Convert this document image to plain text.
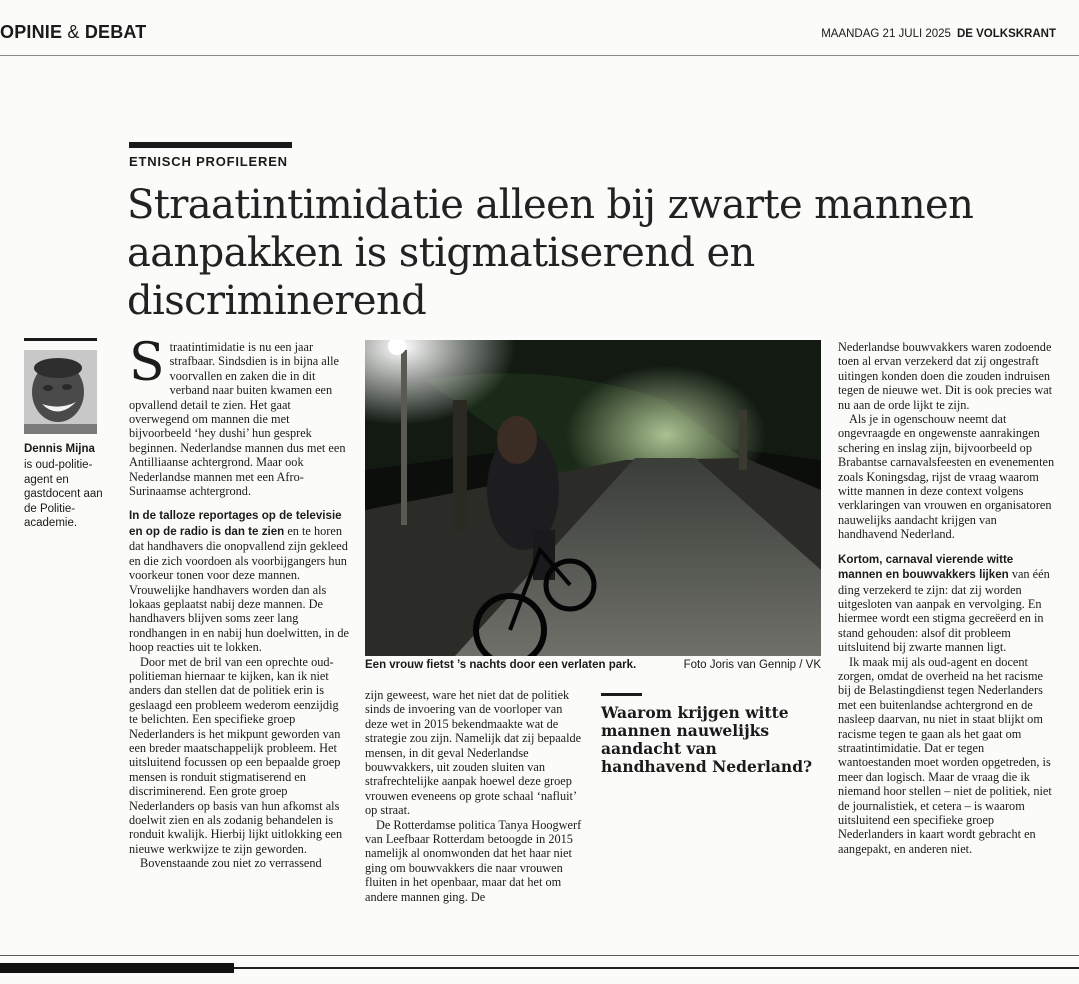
OPINIE & DEBAT	MAANDAG 21 JULI 2025 DE VOLKSKRANT
ETNISCH PROFILEREN
Straatintimidatie alleen bij zwarte mannen aanpakken is stigmatiserend en discriminerend
Dennis Mijna
is oud-politie-agent en gastdocent aan de Politie-academie.

Straatintimidatie is nu een jaar strafbaar. Sindsdien is in bijna alle voorvallen en zaken die in dit verband naar buiten kwamen een opvallend detail te zien. Het gaat overwegend om mannen die met bijvoorbeeld ‘hey dushi’ hun gesprek beginnen. Nederlandse mannen dus met een Antilliaanse achtergrond. Maar ook Nederlandse mannen met een Afro-Surinaamse achtergrond.

In de talloze reportages op de televisie en op de radio is dan te zien en te horen dat handhavers die onopvallend zijn gekleed en die zich voordoen als voorbijgangers hun voorkeur tonen voor deze mannen. Vrouwelijke handhavers worden dan als lokaas geplaatst nabij deze mannen. De handhavers blijven soms zeer lang rondhangen in en nabij hun doelwitten, in de hoop reacties uit te lokken.

Door met de bril van een oprechte oud-politieman hiernaar te kijken, kan ik niet anders dan stellen dat de politiek erin is geslaagd een probleem wederom eenzijdig te belichten. Een specifieke groep Nederlanders is het mikpunt geworden van een breder maatschappelijk probleem. Het uitsluitend focussen op een bepaalde groep mensen is ronduit stigmatiserend en discriminerend. Een grote groep Nederlanders op basis van hun afkomst als doelwit zien en als zodanig behandelen is ronduit kwalijk. Hierbij lijkt uitlokking een nieuwe werkwijze te zijn geworden.

Bovenstaande zou niet zo verrassend

Een vrouw fietst ’s nachts door een verlaten park.	Foto Joris van Gennip / VK

zijn geweest, ware het niet dat de politiek sinds de invoering van de voorloper van deze wet in 2015 bekendmaakte wat de strategie zou zijn. Namelijk dat zij bepaalde mensen, in dit geval Nederlandse bouwvakkers, uit zouden sluiten van strafrechtelijke aanpak hoewel deze groep vrouwen eveneens op grote schaal ‘nafluit’ op straat.

De Rotterdamse politica Tanya Hoogwerf van Leefbaar Rotterdam betoogde in 2015 namelijk al onomwonden dat het haar niet ging om bouwvakkers die naar vrouwen fluiten in het openbaar, maar dat het om andere mannen ging. De

Waarom krijgen witte mannen nauwelijks aandacht van handhavend Nederland?

Nederlandse bouwvakkers waren zodoende toen al ervan verzekerd dat zij ongestraft uitingen konden doen die zouden indruisen tegen de nieuwe wet. Dit is ook precies wat nu aan de orde lijkt te zijn.

Als je in ogenschouw neemt dat ongevraagde en ongewenste aanrakingen schering en inslag zijn, bijvoorbeeld op Brabantse carnavalsfeesten en evenementen zoals Koningsdag, rijst de vraag waarom witte mannen in deze context volgens verklaringen van vrouwen en organisatoren nauwelijks aandacht krijgen van handhavend Nederland.

Kortom, carnaval vierende witte mannen en bouwvakkers lijken van één ding verzekerd te zijn: dat zij worden uitgesloten van aanpak en vervolging. En hiermee wordt een stigma gecreëerd en in stand gehouden: alsof dit probleem uitsluitend bij zwarte mannen ligt.

Ik maak mij als oud-agent en docent zorgen, omdat de overheid na het racisme bij de Belastingdienst tegen Nederlanders met een buitenlandse achtergrond en de nasleep daarvan, nu niet in staat blijkt om racisme tegen te gaan als het gaat om straatintimidatie. Dat er tegen wantoestanden moet worden opgetreden, is meer dan logisch. Maar de vraag die ik niemand hoor stellen – niet de politiek, niet de journalistiek, et cetera – is waarom uitsluitend een specifieke groep Nederlanders in kaart wordt gebracht en aangepakt, en anderen niet.
